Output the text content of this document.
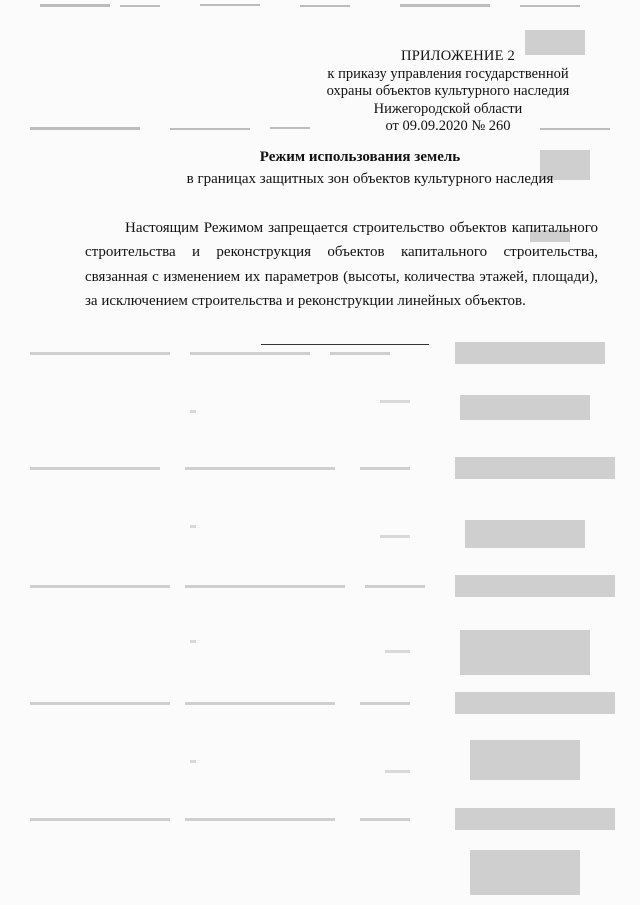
ПРИЛОЖЕНИЕ 2
к приказу управления государственной
охраны объектов культурного наследия
Нижегородской области
от 09.09.2020 № 260
Режим использования земель
в границах защитных зон объектов культурного наследия

Настоящим Режимом запрещается строительство объектов капитального строительства и реконструкция объектов капитального строительства, связанная с изменением их параметров (высоты, количества этажей, площади), за исключением строительства и реконструкции линейных объектов.
